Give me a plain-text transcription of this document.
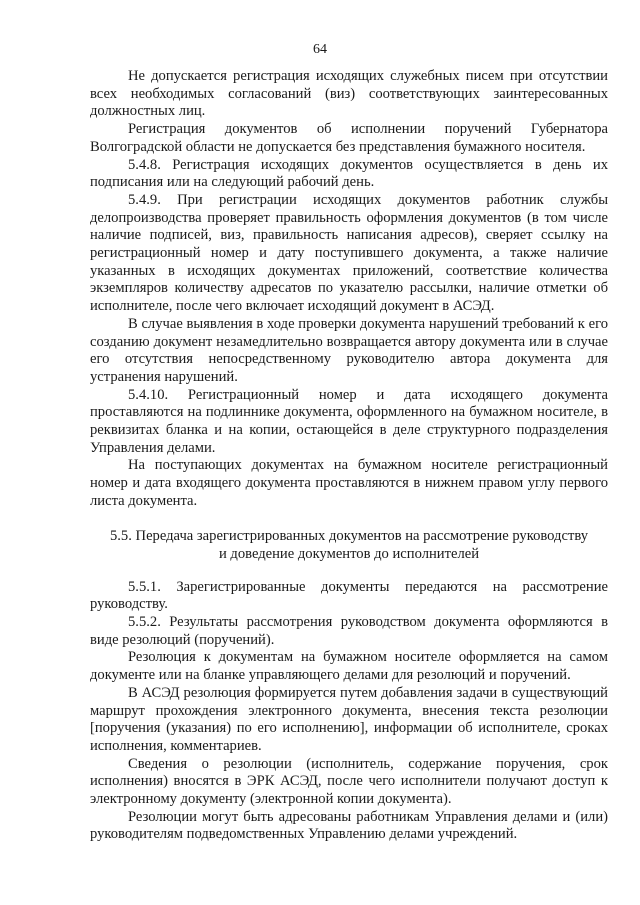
64

Не допускается регистрация исходящих служебных писем при отсутствии всех необходимых согласований (виз) соответствующих заинтересованных должностных лиц.

Регистрация документов об исполнении поручений Губернатора Волгоградской области не допускается без представления бумажного носителя.

5.4.8. Регистрация исходящих документов осуществляется в день их подписания или на следующий рабочий день.

5.4.9. При регистрации исходящих документов работник службы делопроизводства проверяет правильность оформления документов (в том числе наличие подписей, виз, правильность написания адресов), сверяет ссылку на регистрационный номер и дату поступившего документа, а также наличие указанных в исходящих документах приложений, соответствие количества экземпляров количеству адресатов по указателю рассылки, наличие отметки об исполнителе, после чего включает исходящий документ в АСЭД.

В случае выявления в ходе проверки документа нарушений требований к его созданию документ незамедлительно возвращается автору документа или в случае его отсутствия непосредственному руководителю автора документа для устранения нарушений.

5.4.10. Регистрационный номер и дата исходящего документа проставляются на подлиннике документа, оформленного на бумажном носителе, в реквизитах бланка и на копии, остающейся в деле структурного подразделения Управления делами.

На поступающих документах на бумажном носителе регистрационный номер и дата входящего документа проставляются в нижнем правом углу первого листа документа.

5.5. Передача зарегистрированных документов на рассмотрение руководству
и доведение документов до исполнителей

5.5.1. Зарегистрированные документы передаются на рассмотрение руководству.

5.5.2. Результаты рассмотрения руководством документа оформляются в виде резолюций (поручений).

Резолюция к документам на бумажном носителе оформляется на самом документе или на бланке управляющего делами для резолюций и поручений.

В АСЭД резолюция формируется путем добавления задачи в существующий маршрут прохождения электронного документа, внесения текста резолюции [поручения (указания) по его исполнению], информации об исполнителе, сроках исполнения, комментариев.

Сведения о резолюции (исполнитель, содержание поручения, срок исполнения) вносятся в ЭРК АСЭД, после чего исполнители получают доступ к электронному документу (электронной копии документа).

Резолюции могут быть адресованы работникам Управления делами и (или) руководителям подведомственных Управлению делами учреждений.
